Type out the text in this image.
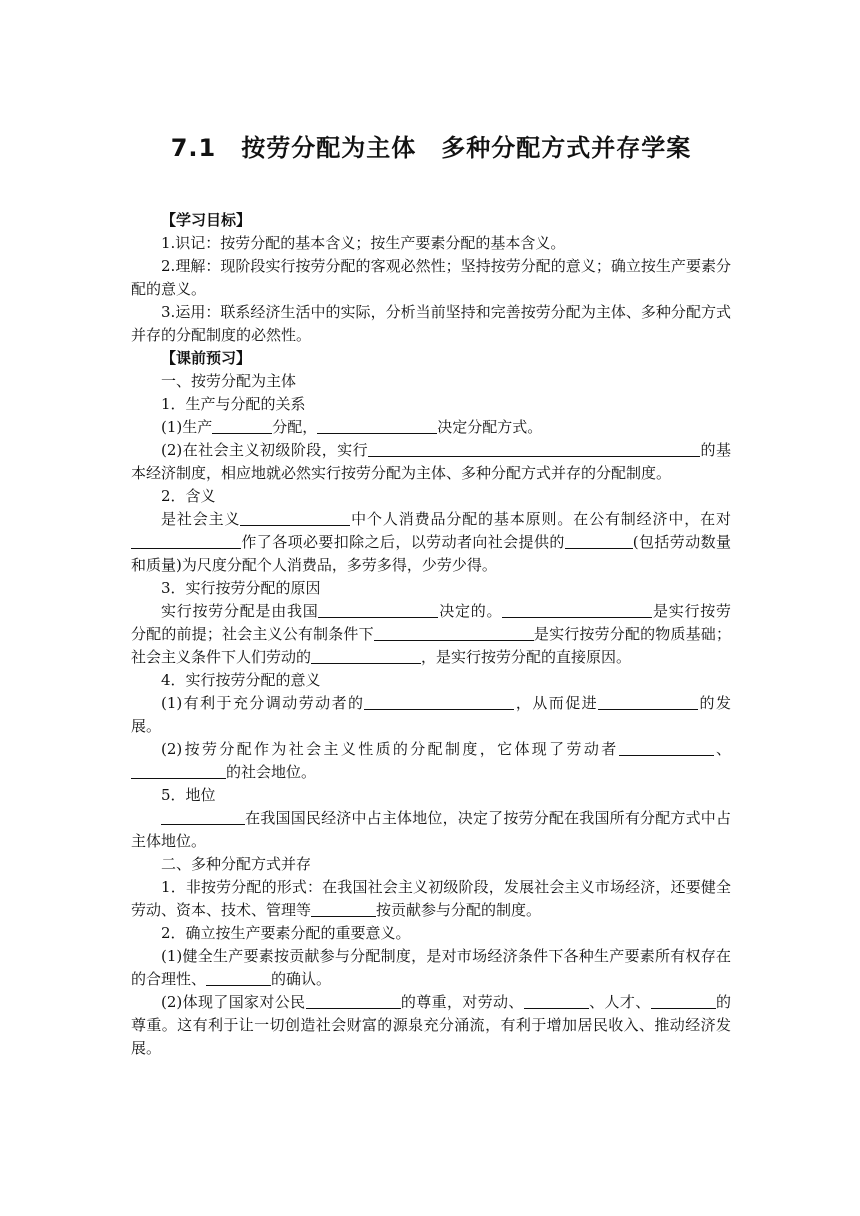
7.1　按劳分配为主体　多种分配方式并存学案

【学习目标】

1.识记：按劳分配的基本含义；按生产要素分配的基本含义。

2.理解：现阶段实行按劳分配的客观必然性；坚持按劳分配的意义；确立按生产要素分配的意义。

3.运用：联系经济生活中的实际，分析当前坚持和完善按劳分配为主体、多种分配方式并存的分配制度的必然性。

【课前预习】

一、按劳分配为主体

1．生产与分配的关系

(1)生产	分配，	决定分配方式。

(2)在社会主义初级阶段，实行	的基本经济制度，相应地就必然实行按劳分配为主体、多种分配方式并存的分配制度。

2．含义

是社会主义	中个人消费品分配的基本原则。在公有制经济中，在对作了各项必要扣除之后，以劳动者向社会提供的	(包括劳动数量和质量)为尺度分配个人消费品，多劳多得，少劳少得。

3．实行按劳分配的原因

实行按劳分配是由我国	决定的。	是实行按劳分配的前提；社会主义公有制条件下	是实行按劳分配的物质基础；社会主义条件下人们劳动的	，是实行按劳分配的直接原因。

4．实行按劳分配的意义

(1)有利于充分调动劳动者的	，从而促进	的发展。

(2)按劳分配作为社会主义性质的分配制度，它体现了劳动者	、的社会地位。

5．地位

在我国国民经济中占主体地位，决定了按劳分配在我国所有分配方式中占主体地位。

二、多种分配方式并存

1．非按劳分配的形式：在我国社会主义初级阶段，发展社会主义市场经济，还要健全劳动、资本、技术、管理等	按贡献参与分配的制度。

2．确立按生产要素分配的重要意义。

(1)健全生产要素按贡献参与分配制度，是对市场经济条件下各种生产要素所有权存在的合理性、	的确认。

(2)体现了国家对公民	的尊重，对劳动、	、人才、	的尊重。这有利于让一切创造社会财富的源泉充分涌流，有利于增加居民收入、推动经济发展。
